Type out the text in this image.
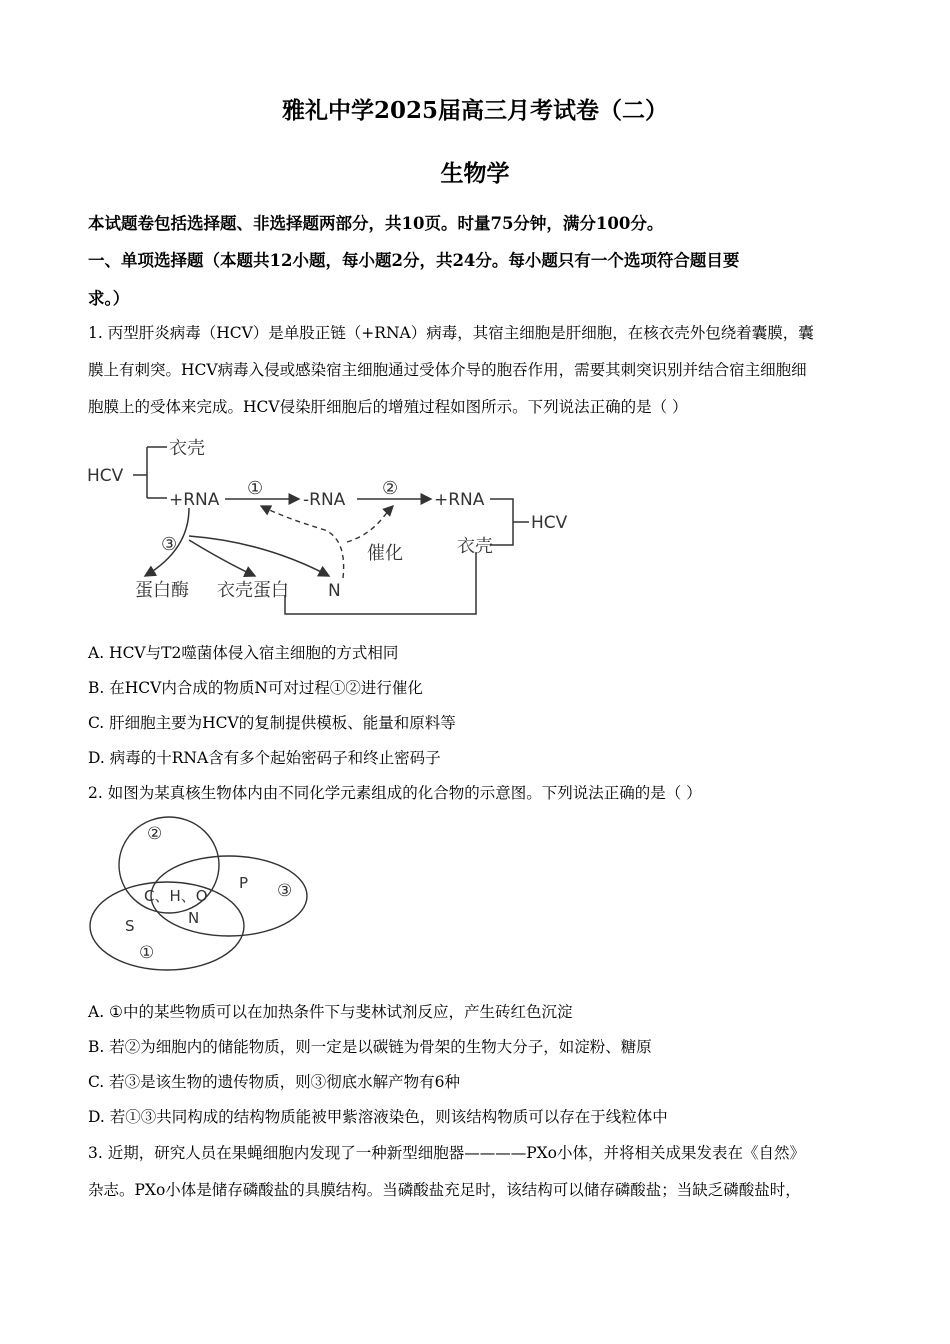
雅礼中学2025届高三月考试卷（二）
生物学
本试题卷包括选择题、非选择题两部分，共10页。时量75分钟，满分100分。
一、单项选择题（本题共12小题，每小题2分，共24分。每小题只有一个选项符合题目要
求。）
1. 丙型肝炎病毒（HCV）是单股正链（+RNA）病毒，其宿主细胞是肝细胞，在核衣壳外包绕着囊膜，囊
膜上有刺突。HCV病毒入侵或感染宿主细胞通过受体介导的胞吞作用，需要其刺突识别并结合宿主细胞细
胞膜上的受体来完成。HCV侵染肝细胞后的增殖过程如图所示。下列说法正确的是（ ）
HCV
衣壳
+RNA
①
-RNA
②
+RNA
HCV
衣壳
③	催化
蛋白酶 衣壳蛋白 N
A. HCV与T2噬菌体侵入宿主细胞的方式相同
B. 在HCV内合成的物质N可对过程①②进行催化
C. 肝细胞主要为HCV的复制提供模板、能量和原料等
D. 病毒的十RNA含有多个起始密码子和终止密码子
2. 如图为某真核生物体内由不同化学元素组成的化合物的示意图。下列说法正确的是（ ）
②
③
①
C、H、O
N
P
S
A. ①中的某些物质可以在加热条件下与斐林试剂反应，产生砖红色沉淀
B. 若②为细胞内的储能物质，则一定是以碳链为骨架的生物大分子，如淀粉、糖原
C. 若③是该生物的遗传物质，则③彻底水解产物有6种
D. 若①③共同构成的结构物质能被甲紫溶液染色，则该结构物质可以存在于线粒体中
3. 近期，研究人员在果蝇细胞内发现了一种新型细胞器————PXo小体，并将相关成果发表在《自然》
杂志。PXo小体是储存磷酸盐的具膜结构。当磷酸盐充足时，该结构可以储存磷酸盐；当缺乏磷酸盐时，
